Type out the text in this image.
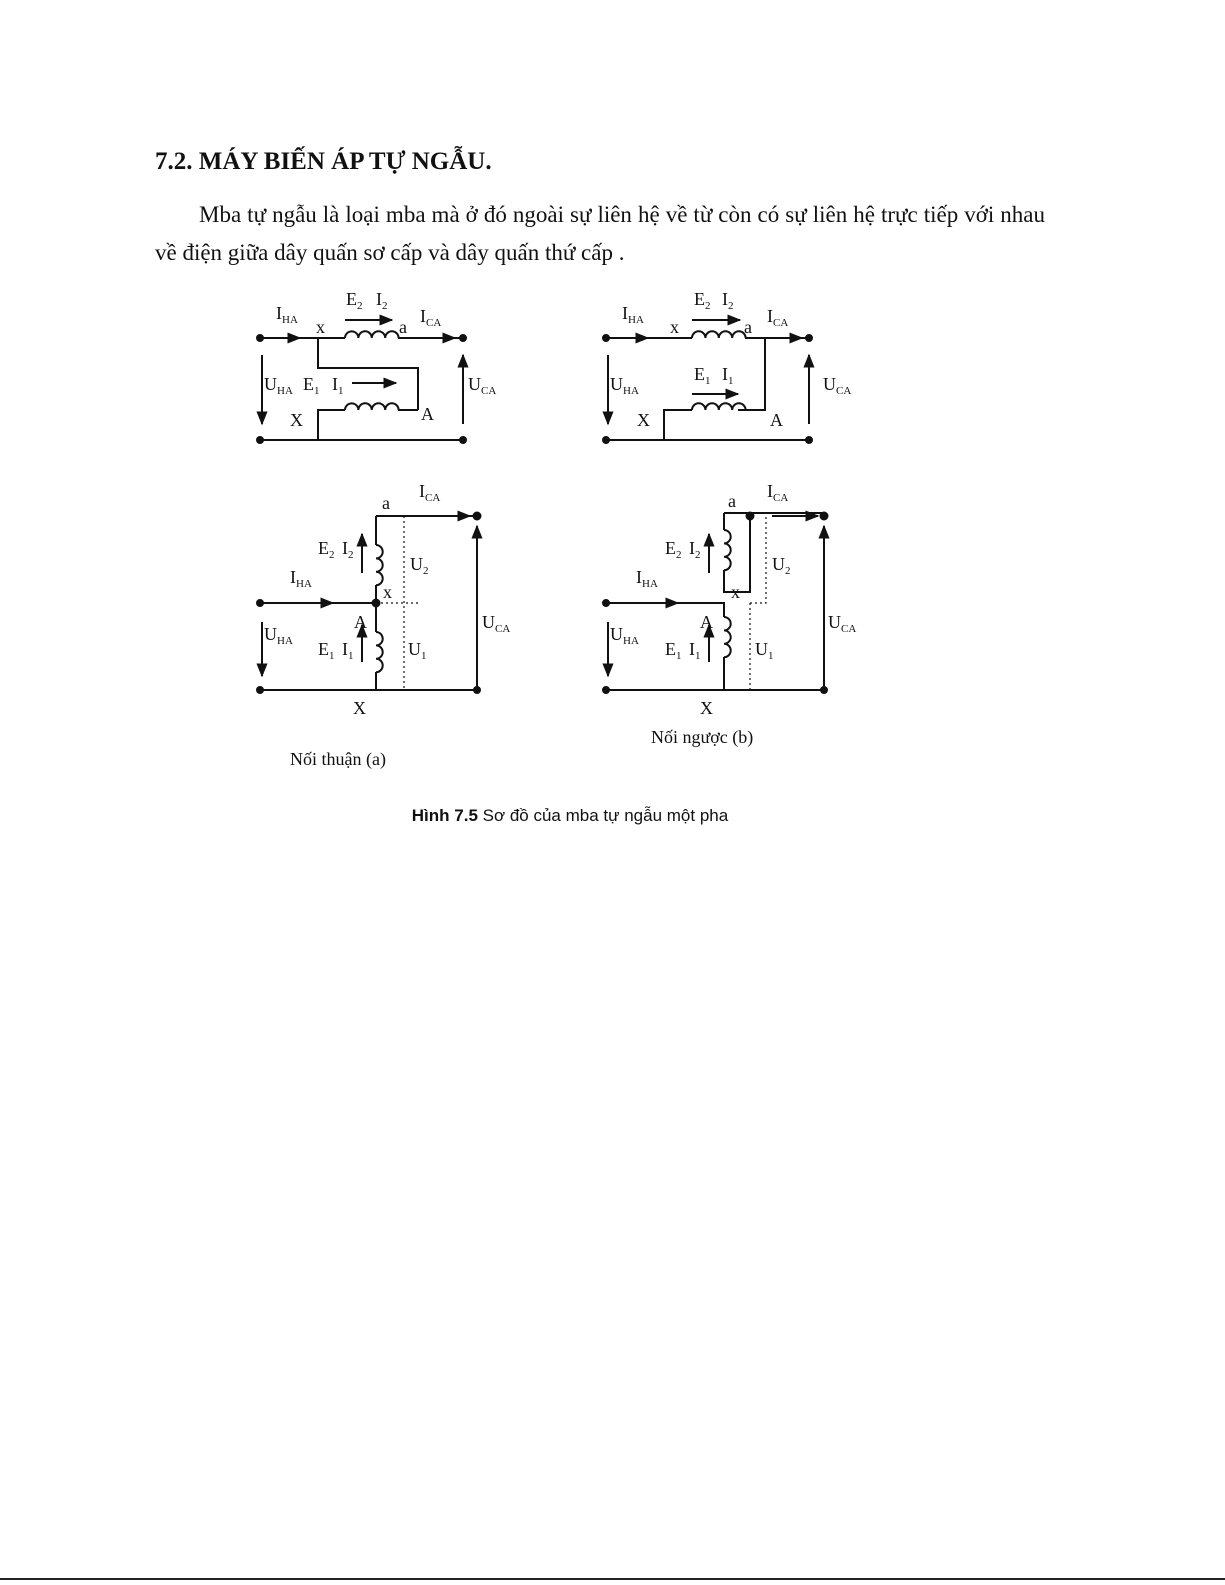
7.2. MÁY BIẾN ÁP TỰ NGẪU.

Mba tự ngẫu là loại mba mà ở đó ngoài sự liên hệ về từ còn có sự liên hệ trực tiếp với nhau về điện giữa dây quấn sơ cấp và dây quấn thứ cấp .

$I_{HA}$
$E_2$ $I_2$
x	a
$I_{CA}$
$U_{HA}$ $E_1$ $I_1$	$U_{CA}$
X	A
$I_{HA}$
$E_2$ $I_2$
x	a
$I_{CA}$
$U_{HA}$
$E_1$ $I_1$	$U_{CA}$
X	A
a
$I_{CA}$
$E_2$ $I_2$	$U_2$
$I_{HA}$	x
A	$U_{CA}$
$U_{HA}$ $E_1$ $I_1$	$U_1$
X
a $I_{CA}$
$E_2$ $I_2$	$U_2$
$I_{HA}$	x
A	$U_{CA}$
$U_{HA}$ $E_1$ $I_1$	$U_1$
X
Nối thuận (a)
Nối ngược (b)
Hình 7.5 Sơ đồ của mba tự ngẫu một pha
